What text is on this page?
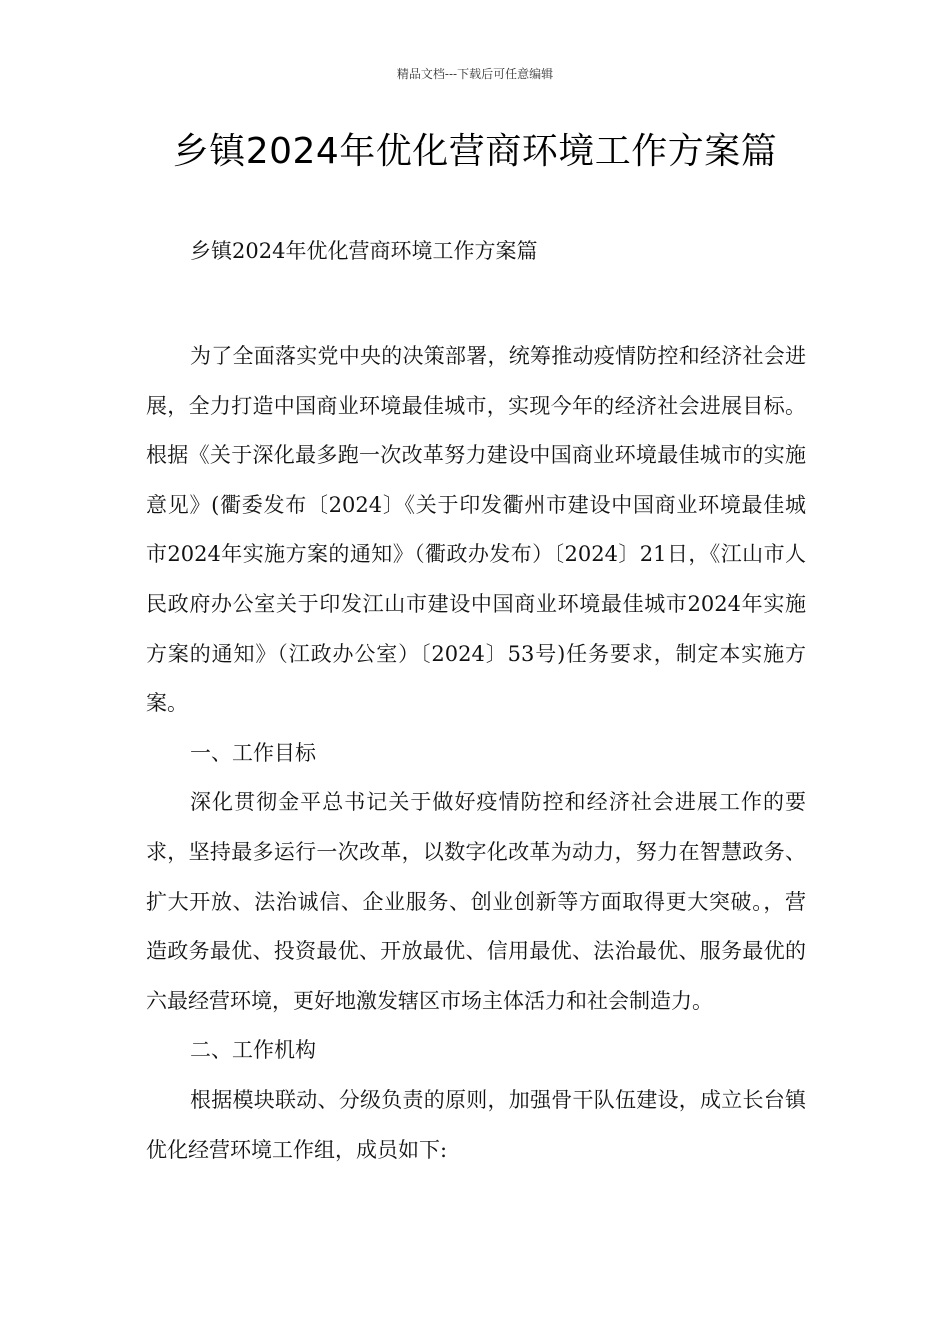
精品文档---下载后可任意编辑
乡镇2024年优化营商环境工作方案篇
乡镇2024年优化营商环境工作方案篇

为了全面落实党中央的决策部署，统筹推动疫情防控和经济社会进展，全力打造中国商业环境最佳城市，实现今年的经济社会进展目标。根据《关于深化最多跑一次改革努力建设中国商业环境最佳城市的实施意见》(衢委发布〔2024〕《关于印发衢州市建设中国商业环境最佳城市2024年实施方案的通知》（衢政办发布）〔2024〕21日，《江山市人民政府办公室关于印发江山市建设中国商业环境最佳城市2024年实施方案的通知》（江政办公室）〔2024〕53号)任务要求，制定本实施方案。

一、工作目标

深化贯彻金平总书记关于做好疫情防控和经济社会进展工作的要求，坚持最多运行一次改革，以数字化改革为动力，努力在智慧政务、扩大开放、法治诚信、企业服务、创业创新等方面取得更大突破。，营造政务最优、投资最优、开放最优、信用最优、法治最优、服务最优的六最经营环境，更好地激发辖区市场主体活力和社会制造力。

二、工作机构

根据模块联动、分级负责的原则，加强骨干队伍建设，成立长台镇优化经营环境工作组，成员如下:
